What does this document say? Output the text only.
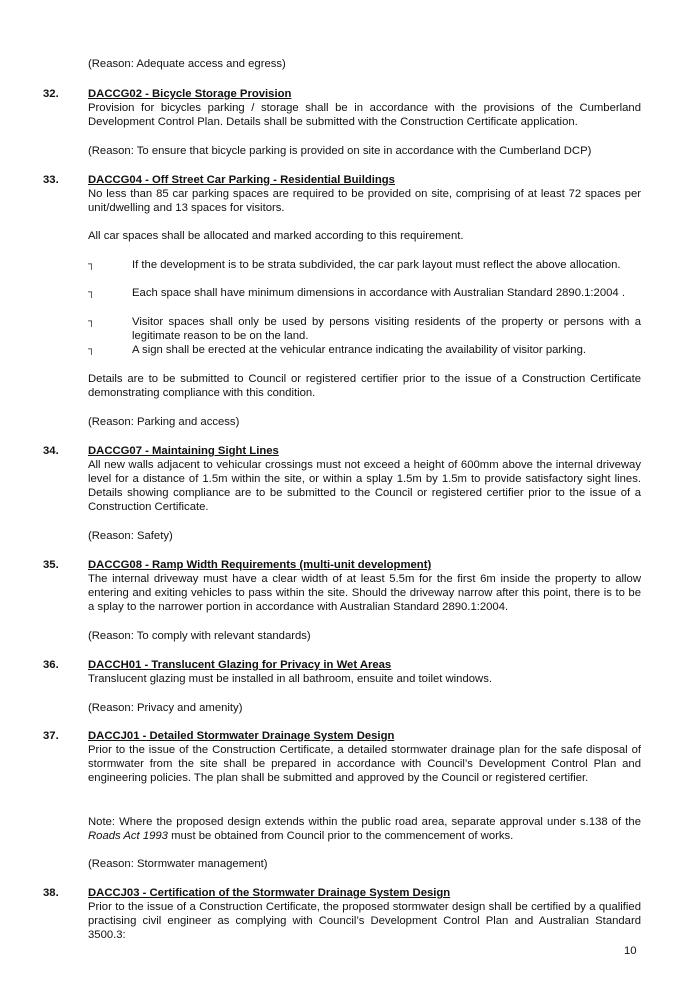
(Reason: Adequate access and egress)

32.	DACCG02 - Bicycle Storage Provision

Provision for bicycles parking / storage shall be in accordance with the provisions of the Cumberland Development Control Plan. Details shall be submitted with the Construction Certificate application.

(Reason: To ensure that bicycle parking is provided on site in accordance with the Cumberland DCP)

33.	DACCG04 - Off Street Car Parking - Residential Buildings

No less than 85 car parking spaces are required to be provided on site, comprising of at least 72 spaces per unit/dwelling and 13 spaces for visitors.

All car spaces shall be allocated and marked according to this requirement.

┐	If the development is to be strata subdivided, the car park layout must reflect the above allocation.
┐	Each space shall have minimum dimensions in accordance with Australian Standard 2890.1:2004 .
┐	Visitor spaces shall only be used by persons visiting residents of the property or persons with a legitimate reason to be on the land.
┐	A sign shall be erected at the vehicular entrance indicating the availability of visitor parking.

Details are to be submitted to Council or registered certifier prior to the issue of a Construction Certificate demonstrating compliance with this condition.

(Reason: Parking and access)

34.	DACCG07 - Maintaining Sight Lines

All new walls adjacent to vehicular crossings must not exceed a height of 600mm above the internal driveway level for a distance of 1.5m within the site, or within a splay 1.5m by 1.5m to provide satisfactory sight lines. Details showing compliance are to be submitted to the Council or registered certifier prior to the issue of a Construction Certificate.

(Reason: Safety)

35.	DACCG08 - Ramp Width Requirements (multi-unit development)

The internal driveway must have a clear width of at least 5.5m for the first 6m inside the property to allow entering and exiting vehicles to pass within the site. Should the driveway narrow after this point, there is to be a splay to the narrower portion in accordance with Australian Standard 2890.1:2004.

(Reason: To comply with relevant standards)

36.	DACCH01 - Translucent Glazing for Privacy in Wet Areas

Translucent glazing must be installed in all bathroom, ensuite and toilet windows.

(Reason: Privacy and amenity)

37.	DACCJ01 - Detailed Stormwater Drainage System Design

Prior to the issue of the Construction Certificate, a detailed stormwater drainage plan for the safe disposal of stormwater from the site shall be prepared in accordance with Council’s Development Control Plan and engineering policies. The plan shall be submitted and approved by the Council or registered certifier.

Note: Where the proposed design extends within the public road area, separate approval under s.138 of the Roads Act 1993 must be obtained from Council prior to the commencement of works.

(Reason: Stormwater management)

38.	DACCJ03 - Certification of the Stormwater Drainage System Design

Prior to the issue of a Construction Certificate, the proposed stormwater design shall be certified by a qualified practising civil engineer as complying with Council’s Development Control Plan and Australian Standard 3500.3:

10
